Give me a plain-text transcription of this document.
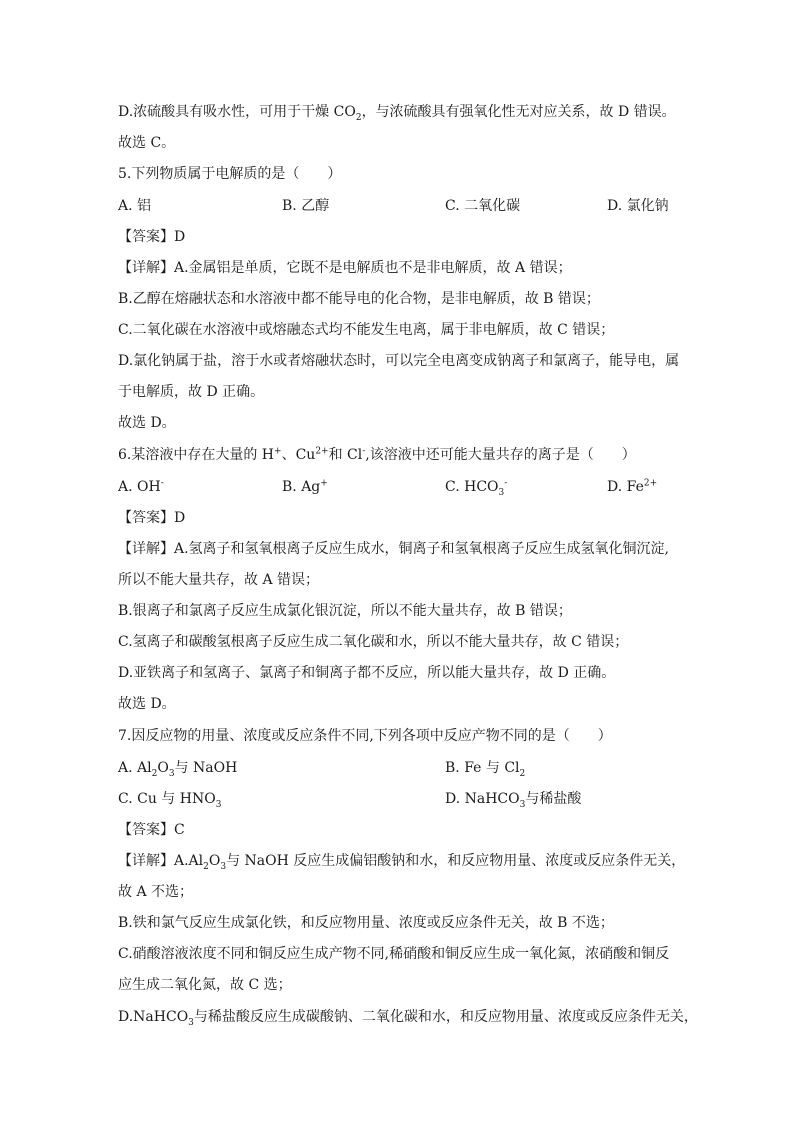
D.浓硫酸具有吸水性，可用于干燥 $CO_2$，与浓硫酸具有强氧化性无对应关系，故 D 错误。
故选 C。
5.下列物质属于电解质的是（　　）
A. 铝	B. 乙醇	C. 二氧化碳	D. 氯化钠
【答案】D
【详解】A.金属铝是单质，它既不是电解质也不是非电解质，故 A 错误；
B.乙醇在熔融状态和水溶液中都不能导电的化合物，是非电解质，故 B 错误；
C.二氧化碳在水溶液中或熔融态式均不能发生电离，属于非电解质，故 C 错误；
D.氯化钠属于盐，溶于水或者熔融状态时，可以完全电离变成钠离子和氯离子，能导电，属
于电解质，故 D 正确。
故选 D。
6.某溶液中存在大量的 H+、$Cu^{2+}$和 Cl-,该溶液中还可能大量共存的离子是（　　）
A. OH-	B. Ag+	C. $HCO_3^-$	D. $Fe^{2+}$
【答案】D
【详解】A.氢离子和氢氧根离子反应生成水，铜离子和氢氧根离子反应生成氢氧化铜沉淀,
所以不能大量共存，故 A 错误；
B.银离子和氯离子反应生成氯化银沉淀，所以不能大量共存，故 B 错误；
C.氢离子和碳酸氢根离子反应生成二氧化碳和水，所以不能大量共存，故 C 错误；
D.亚铁离子和氢离子、氯离子和铜离子都不反应，所以能大量共存，故 D 正确。
故选 D。
7.因反应物的用量、浓度或反应条件不同,下列各项中反应产物不同的是（　　）
A. $Al_2O_3$与 NaOH	B. Fe 与 $Cl_2$
C. Cu 与 $HNO_3$	D. NaHCO$_3$与稀盐酸
【答案】C
【详解】$A.Al_2O_3$与 NaOH 反应生成偏铝酸钠和水，和反应物用量、浓度或反应条件无关，
故 A 不选；
B.铁和氯气反应生成氯化铁，和反应物用量、浓度或反应条件无关，故 B 不选；
C.硝酸溶液浓度不同和铜反应生成产物不同,稀硝酸和铜反应生成一氧化氮，浓硝酸和铜反
应生成二氧化氮，故 C 选；
D.NaHCO$_3$与稀盐酸反应生成碳酸钠、二氧化碳和水，和反应物用量、浓度或反应条件无关，
